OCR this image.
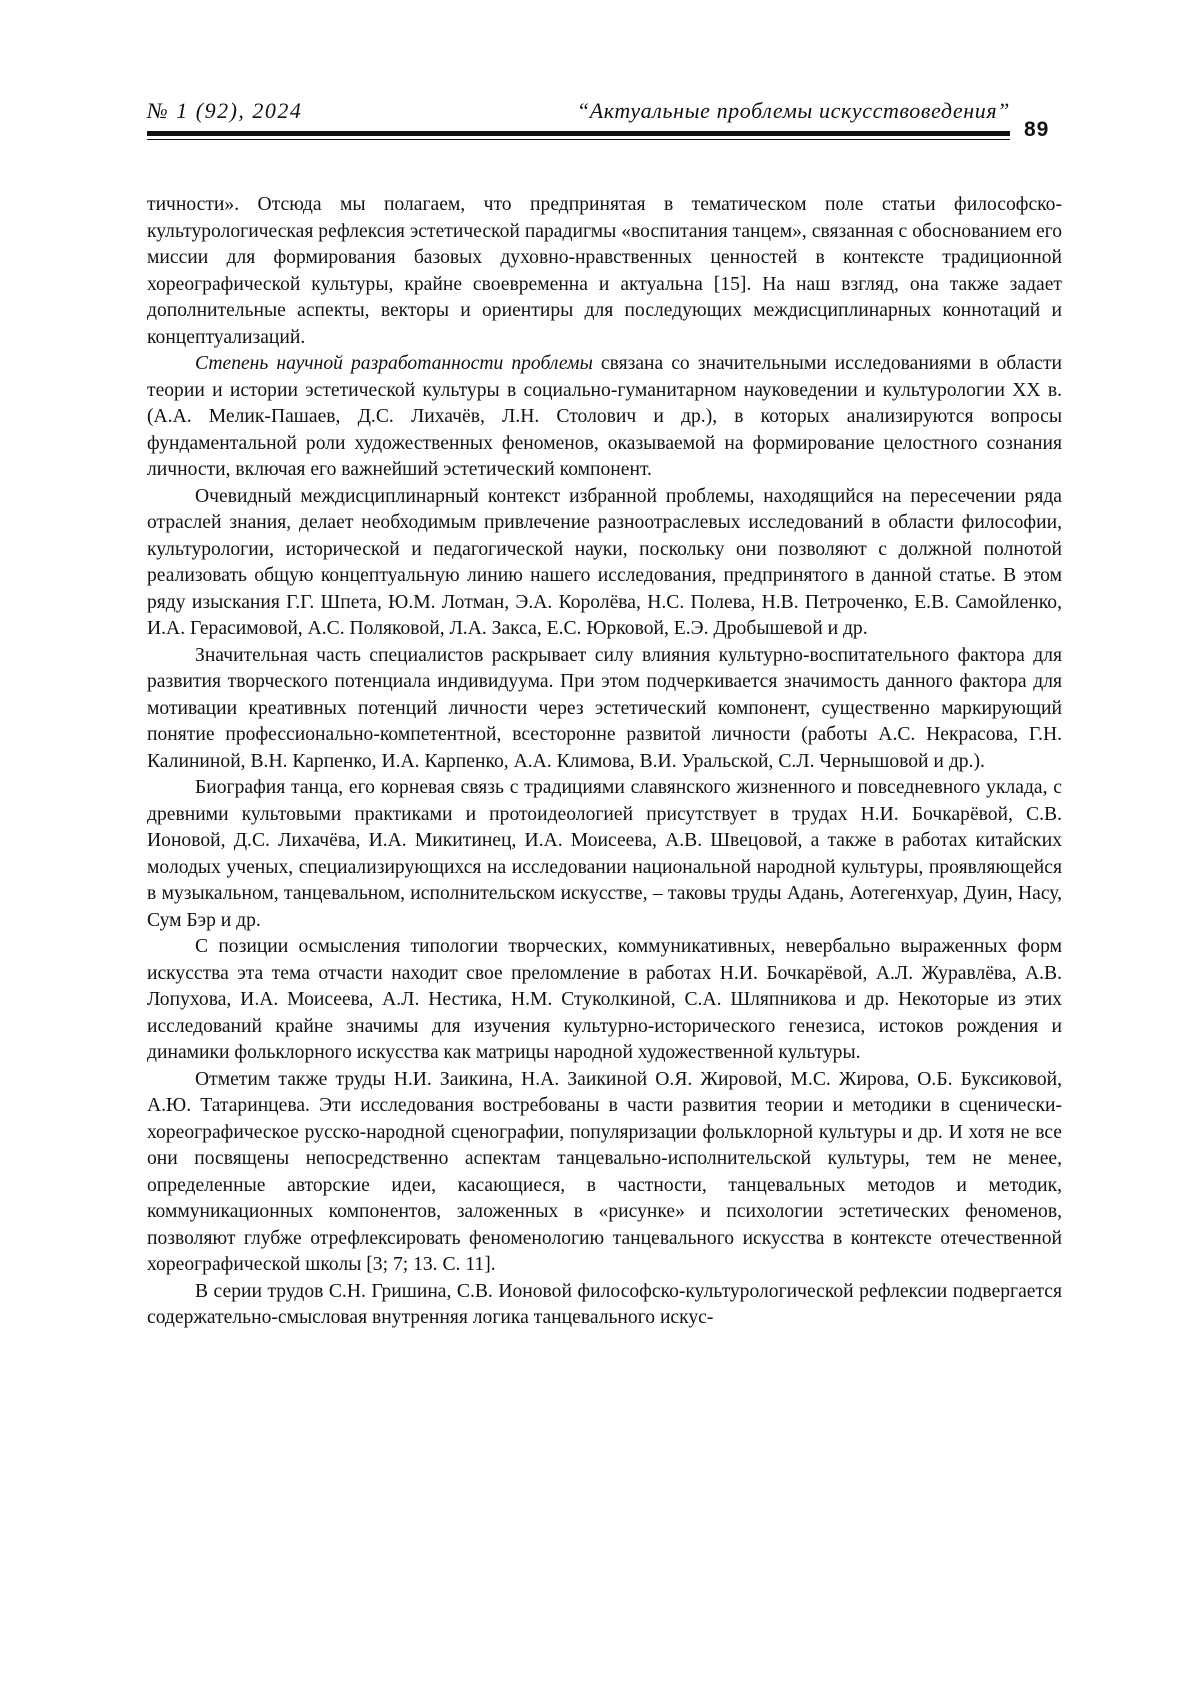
№ 1 (92), 2024	“Актуальные проблемы искусствоведения”
89

тичности». Отсюда мы полагаем, что предпринятая в тематическом поле статьи философско-культурологическая рефлексия эстетической парадигмы «воспитания танцем», связанная с обоснованием его миссии для формирования базовых духовно-нравственных ценностей в контексте традиционной хореографической культуры, крайне своевременна и актуальна [15]. На наш взгляд, она также задает дополнительные аспекты, векторы и ориентиры для последующих междисциплинарных коннотаций и концептуализаций.

Степень научной разработанности проблемы связана со значительными исследованиями в области теории и истории эстетической культуры в социально-гуманитарном науковедении и культурологии XX в. (А.А. Мелик-Пашаев, Д.С. Лихачёв, Л.Н. Столович и др.), в которых анализируются вопросы фундаментальной роли художественных феноменов, оказываемой на формирование целостного сознания личности, включая его важнейший эстетический компонент.

Очевидный междисциплинарный контекст избранной проблемы, находящийся на пересечении ряда отраслей знания, делает необходимым привлечение разноотраслевых исследований в области философии, культурологии, исторической и педагогической науки, поскольку они позволяют с должной полнотой реализовать общую концептуальную линию нашего исследования, предпринятого в данной статье. В этом ряду изыскания Г.Г. Шпета, Ю.М. Лотман, Э.А. Королёва, Н.С. Полева, Н.В. Петроченко, Е.В. Самойленко, И.А. Герасимовой, А.С. Поляковой, Л.А. Закса, Е.С. Юрковой, Е.Э. Дробышевой и др.

Значительная часть специалистов раскрывает силу влияния культурно-воспитательного фактора для развития творческого потенциала индивидуума. При этом подчеркивается значимость данного фактора для мотивации креативных потенций личности через эстетический компонент, существенно маркирующий понятие профессионально-компетентной, всесторонне развитой личности (работы А.С. Некрасова, Г.Н. Калининой, В.Н. Карпенко, И.А. Карпенко, А.А. Климова, В.И. Уральской, С.Л. Чернышовой и др.).

Биография танца, его корневая связь с традициями славянского жизненного и повседневного уклада, с древними культовыми практиками и протоидеологией присутствует в трудах Н.И. Бочкарёвой, С.В. Ионовой, Д.С. Лихачёва, И.А. Микитинец, И.А. Моисеева, А.В. Швецовой, а также в работах китайских молодых ученых, специализирующихся на исследовании национальной народной культуры, проявляющейся в музыкальном, танцевальном, исполнительском искусстве, – таковы труды Адань, Аотегенхуар, Дуин, Насу, Сум Бэр и др.

С позиции осмысления типологии творческих, коммуникативных, невербально выраженных форм искусства эта тема отчасти находит свое преломление в работах Н.И. Бочкарёвой, А.Л. Журавлёва, А.В. Лопухова, И.А. Моисеева, А.Л. Нестика, Н.М. Стуколкиной, С.А. Шляпникова и др. Некоторые из этих исследований крайне значимы для изучения культурно-исторического генезиса, истоков рождения и динамики фольклорного искусства как матрицы народной художественной культуры.

Отметим также труды Н.И. Заикина, Н.А. Заикиной О.Я. Жировой, М.С. Жирова, О.Б. Буксиковой, А.Ю. Татаринцева. Эти исследования востребованы в части развития теории и методики в сценически-хореографическое русско-народной сценографии, популяризации фольклорной культуры и др. И хотя не все они посвящены непосредственно аспектам танцевально-исполнительской культуры, тем не менее, определенные авторские идеи, касающиеся, в частности, танцевальных методов и методик, коммуникационных компонентов, заложенных в «рисунке» и психологии эстетических феноменов, позволяют глубже отрефлексировать феноменологию танцевального искусства в контексте отечественной хореографической школы [3; 7; 13. С. 11].

В серии трудов С.Н. Гришина, С.В. Ионовой философско-культурологической рефлексии подвергается содержательно-смысловая внутренняя логика танцевального искус-
